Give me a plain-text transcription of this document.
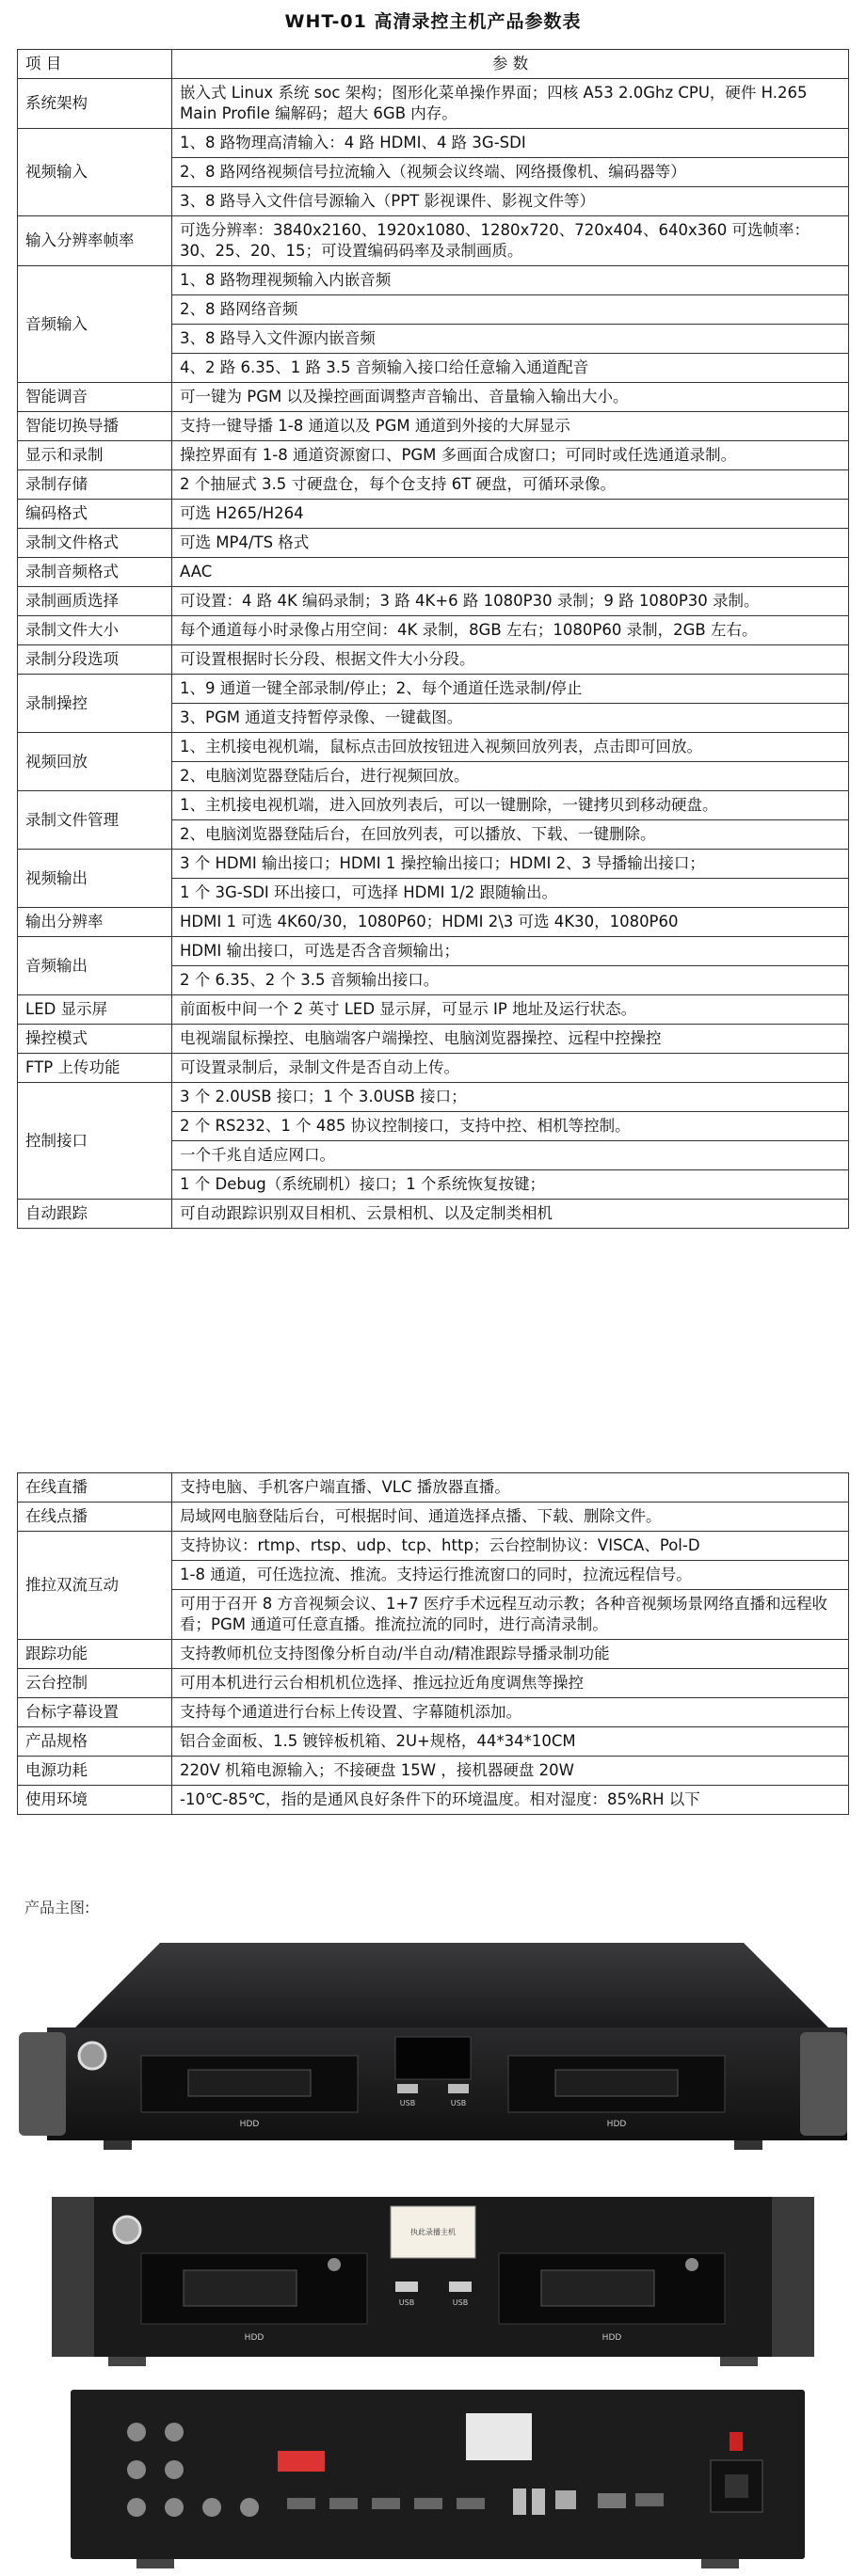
WHT-01 高清录控主机产品参数表
项 目	参 数
系统架构	嵌入式 Linux 系统 soc 架构；图形化菜单操作界面；四核 A53 2.0Ghz CPU，硬件 H.265 Main Profile 编解码；超大 6GB 内存。
视频输入	1、8 路物理高清输入：4 路 HDMI、4 路 3G-SDI
	2、8 路网络视频信号拉流输入（视频会议终端、网络摄像机、编码器等）
	3、8 路导入文件信号源输入（PPT 影视课件、影视文件等）
输入分辨率帧率	可选分辨率：3840x2160、1920x1080、1280x720、720x404、640x360 可选帧率：30、25、20、15；可设置编码码率及录制画质。
音频输入	1、8 路物理视频输入内嵌音频
	2、8 路网络音频
	3、8 路导入文件源内嵌音频
	4、2 路 6.35、1 路 3.5 音频输入接口给任意输入通道配音
智能调音	可一键为 PGM 以及操控画面调整声音输出、音量输入输出大小。
智能切换导播	支持一键导播 1-8 通道以及 PGM 通道到外接的大屏显示
显示和录制	操控界面有 1-8 通道资源窗口、PGM 多画面合成窗口；可同时或任选通道录制。
录制存储	2 个抽屉式 3.5 寸硬盘仓，每个仓支持 6T 硬盘，可循环录像。
编码格式	可选 H265/H264
录制文件格式	可选 MP4/TS 格式
录制音频格式	AAC
录制画质选择	可设置：4 路 4K 编码录制；3 路 4K+6 路 1080P30 录制；9 路 1080P30 录制。
录制文件大小	每个通道每小时录像占用空间：4K 录制，8GB 左右；1080P60 录制，2GB 左右。
录制分段选项	可设置根据时长分段、根据文件大小分段。
录制操控	1、9 通道一键全部录制/停止；2、每个通道任选录制/停止
	3、PGM 通道支持暂停录像、一键截图。
视频回放	1、主机接电视机端，鼠标点击回放按钮进入视频回放列表，点击即可回放。
	2、电脑浏览器登陆后台，进行视频回放。
录制文件管理	1、主机接电视机端，进入回放列表后，可以一键删除，一键拷贝到移动硬盘。
	2、电脑浏览器登陆后台，在回放列表，可以播放、下载、一键删除。
视频输出	3 个 HDMI 输出接口；HDMI 1 操控输出接口；HDMI 2、3 导播输出接口；
	1 个 3G-SDI 环出接口，可选择 HDMI 1/2 跟随输出。
输出分辨率	HDMI 1 可选 4K60/30，1080P60；HDMI 2\3 可选 4K30，1080P60
音频输出	HDMI 输出接口，可选是否含音频输出；
	2 个 6.35、2 个 3.5 音频输出接口。
LED 显示屏	前面板中间一个 2 英寸 LED 显示屏，可显示 IP 地址及运行状态。
操控模式	电视端鼠标操控、电脑端客户端操控、电脑浏览器操控、远程中控操控
FTP 上传功能	可设置录制后，录制文件是否自动上传。
控制接口	3 个 2.0USB 接口；1 个 3.0USB 接口；
	2 个 RS232、1 个 485 协议控制接口，支持中控、相机等控制。
	一个千兆自适应网口。
	1 个 Debug（系统刷机）接口；1 个系统恢复按键；
自动跟踪	可自动跟踪识别双目相机、云景相机、以及定制类相机
在线直播	支持电脑、手机客户端直播、VLC 播放器直播。
在线点播	局域网电脑登陆后台，可根据时间、通道选择点播、下载、删除文件。
推拉双流互动	支持协议：rtmp、rtsp、udp、tcp、http；云台控制协议：VISCA、Pol-D
	1-8 通道，可任选拉流、推流。支持运行推流窗口的同时，拉流远程信号。
	可用于召开 8 方音视频会议、1+7 医疗手术远程互动示教；各种音视频场景网络直播和远程收看；PGM 通道可任意直播。推流拉流的同时，进行高清录制。
跟踪功能	支持教师机位支持图像分析自动/半自动/精准跟踪导播录制功能
云台控制	可用本机进行云台相机机位选择、推远拉近角度调焦等操控
台标字幕设置	支持每个通道进行台标上传设置、字幕随机添加。
产品规格	铝合金面板、1.5 镀锌板机箱、2U+规格，44*34*10CM
电源功耗	220V 机箱电源输入；不接硬盘 15W ，接机器硬盘 20W
使用环境	-10℃-85℃，指的是通风良好条件下的环境温度。相对湿度：85%RH 以下
产品主图:
USB	USB
HDD	HDD
执此录播主机
USB	USB
HDD	HDD
